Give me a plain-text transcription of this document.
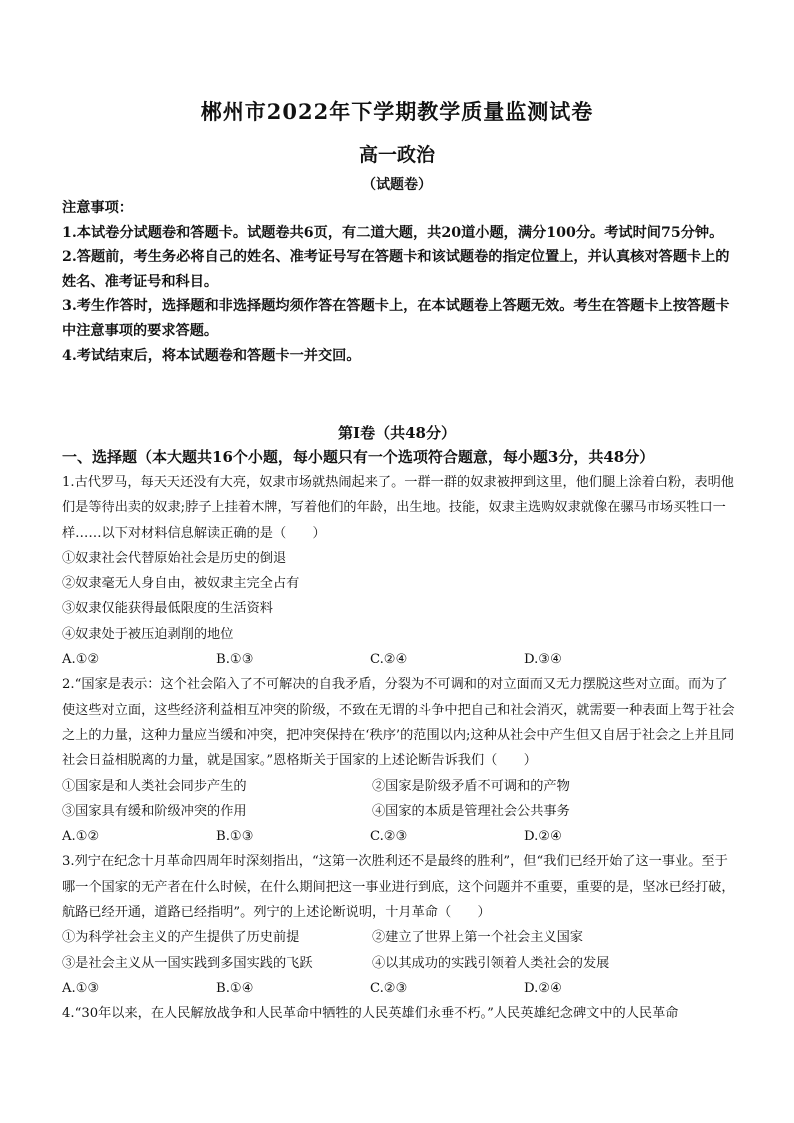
郴州市2022年下学期教学质量监测试卷
高一政治
（试题卷）

注意事项：

1.本试卷分试题卷和答题卡。试题卷共6页，有二道大题，共20道小题，满分100分。考试时间75分钟。

2.答题前，考生务必将自己的姓名、准考证号写在答题卡和该试题卷的指定位置上，并认真核对答题卡上的姓名、准考证号和科目。

3.考生作答时，选择题和非选择题均须作答在答题卡上，在本试题卷上答题无效。考生在答题卡上按答题卡中注意事项的要求答题。

4.考试结束后，将本试题卷和答题卡一并交回。

第Ⅰ卷（共48分）
一、选择题（本大题共16个小题，每小题只有一个选项符合题意，每小题3分，共48分）

1.古代罗马，每天天还没有大亮，奴隶市场就热闹起来了。一群一群的奴隶被押到这里，他们腿上涂着白粉，表明他们是等待出卖的奴隶;脖子上挂着木牌，写着他们的年龄，出生地。技能，奴隶主选购奴隶就像在骡马市场买牲口一样……以下对材料信息解读正确的是（　　）

①奴隶社会代替原始社会是历史的倒退

②奴隶毫无人身自由，被奴隶主完全占有

③奴隶仅能获得最低限度的生活资料

④奴隶处于被压迫剥削的地位

A.①②	B.①③	C.②④	D.③④

2.“国家是表示：这个社会陷入了不可解决的自我矛盾，分裂为不可调和的对立面而又无力摆脱这些对立面。而为了使这些对立面，这些经济利益相互冲突的阶级，不致在无谓的斗争中把自己和社会消灭，就需要一种表面上驾于社会之上的力量，这种力量应当缓和冲突，把冲突保持在‘秩序’的范围以内;这种从社会中产生但又自居于社会之上并且同社会日益相脱离的力量，就是国家。”恩格斯关于国家的上述论断告诉我们（　　）

①国家是和人类社会同步产生的	②国家是阶级矛盾不可调和的产物
③国家具有缓和阶级冲突的作用	④国家的本质是管理社会公共事务
A.①②	B.①③	C.②③	D.②④

3.列宁在纪念十月革命四周年时深刻指出，“这第一次胜利还不是最终的胜利”，但“我们已经开始了这一事业。至于哪一个国家的无产者在什么时候，在什么期间把这一事业进行到底，这个问题并不重要，重要的是，坚冰已经打破，航路已经开通，道路已经指明”。列宁的上述论断说明，十月革命（　　）

①为科学社会主义的产生提供了历史前提	②建立了世界上第一个社会主义国家
③是社会主义从一国实践到多国实践的飞跃	④以其成功的实践引领着人类社会的发展
A.①③	B.①④	C.②③	D.②④

4.“30年以来，在人民解放战争和人民革命中牺牲的人民英雄们永垂不朽。”人民英雄纪念碑文中的人民革命
